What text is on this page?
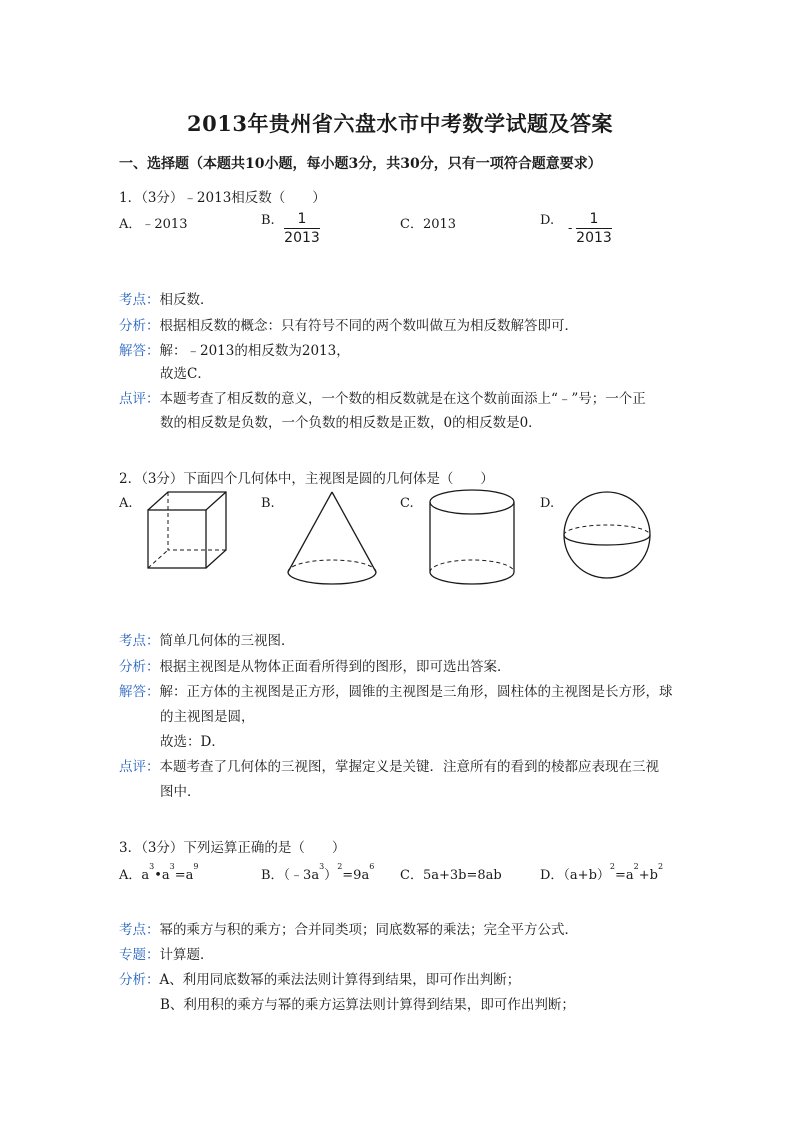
2013年贵州省六盘水市中考数学试题及答案
一、选择题（本题共10小题，每小题3分，共30分，只有一项符合题意要求）
1．（3分）﹣2013相反数（　　）
A．﹣2013	B.	1
2013
C．2013	D.
-
1
2013
考点：相反数．
分析：根据相反数的概念：只有符号不同的两个数叫做互为相反数解答即可．
解答：解：﹣2013的相反数为2013，
故选C．
点评：本题考查了相反数的意义，一个数的相反数就是在这个数前面添上“﹣”号；一个正
数的相反数是负数，一个负数的相反数是正数，0的相反数是0．
2．（3分）下面四个几何体中，主视图是圆的几何体是（　　）
A.	B.	C.	D.
考点：简单几何体的三视图．
分析：根据主视图是从物体正面看所得到的图形，即可选出答案．
解答：解：正方体的主视图是正方形，圆锥的主视图是三角形，圆柱体的主视图是长方形，球
的主视图是圆，
故选：D．
点评：本题考查了几何体的三视图，掌握定义是关键．注意所有的看到的棱都应表现在三视
图中．
3．（3分）下列运算正确的是（　　）
A．$a^3•a^3=a^9$
B．$(﹣3a^3)^2=9a^6$
C．5a+3b=8ab	D．$(a+b)^2=a^2+b^2$
考点：幂的乘方与积的乘方；合并同类项；同底数幂的乘法；完全平方公式．
专题：计算题．
分析：A、利用同底数幂的乘法法则计算得到结果，即可作出判断；
B、利用积的乘方与幂的乘方运算法则计算得到结果，即可作出判断；
